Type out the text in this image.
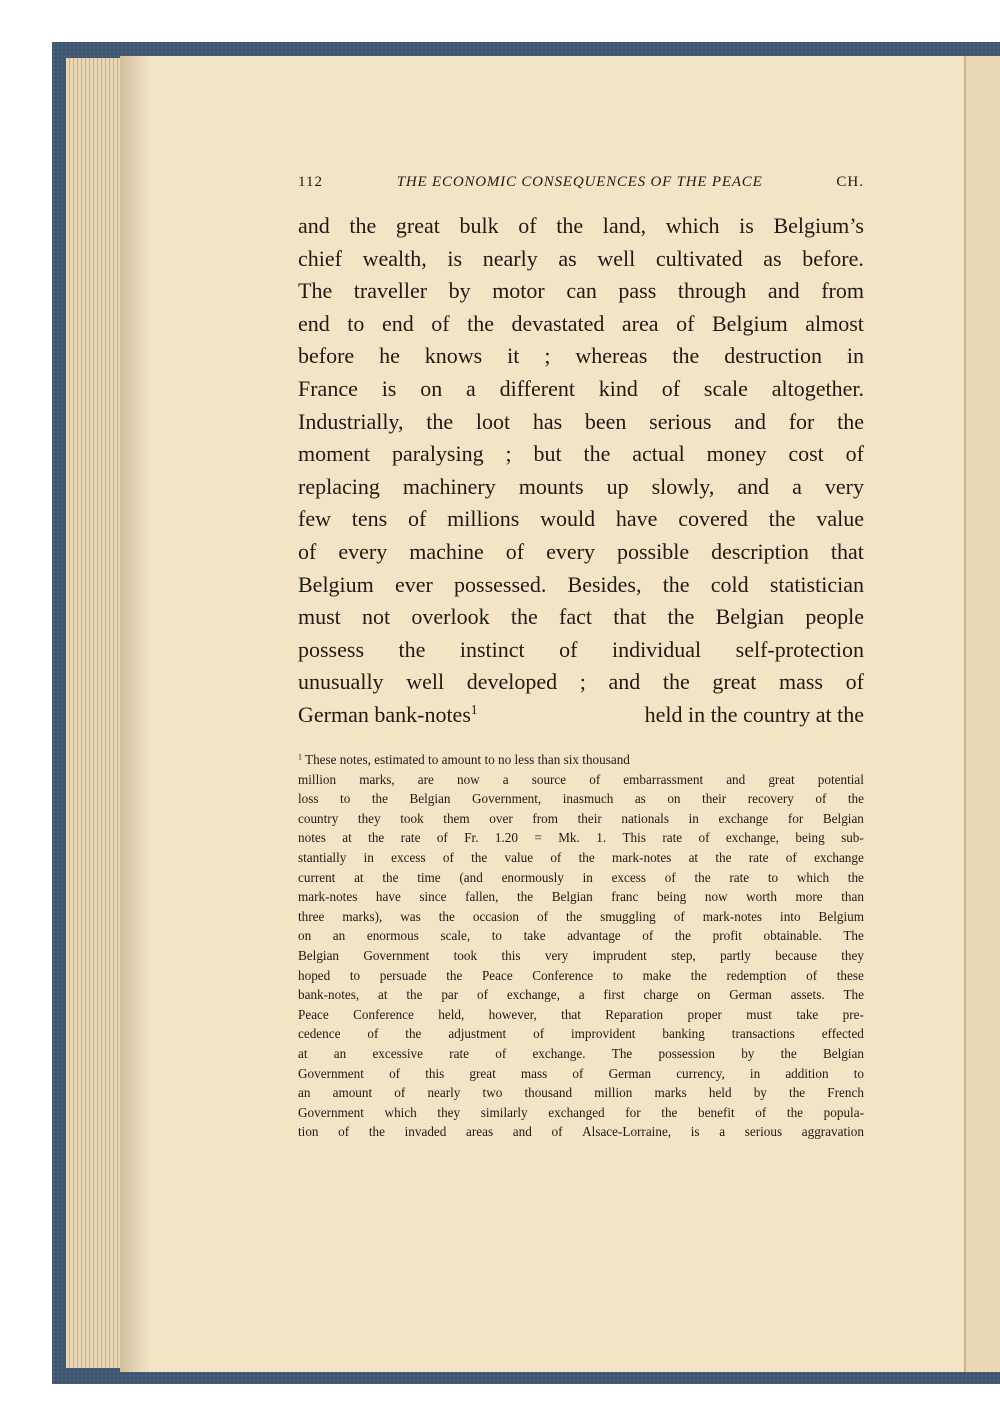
112	THE ECONOMIC CONSEQUENCES OF THE PEACE	CH.
and the great bulk of the land, which is Belgium’s
chief wealth, is nearly as well cultivated as before.
The traveller by motor can pass through and from
end to end of the devastated area of Belgium almost
before he knows it ; whereas the destruction in
France is on a different kind of scale altogether.
Industrially, the loot has been serious and for the
moment paralysing ; but the actual money cost of
replacing machinery mounts up slowly, and a very
few tens of millions would have covered the value
of every machine of every possible description that
Belgium ever possessed. Besides, the cold statistician
must not overlook the fact that the Belgian people
possess the instinct of individual self-protection
unusually well developed ; and the great mass of
German bank-notes$^1$	held in the country at the
$^1$ These notes, estimated to amount to no less than six thousand
million marks, are now a source of embarrassment and great potential
loss to the Belgian Government, inasmuch as on their recovery of the
country they took them over from their nationals in exchange for Belgian
notes at the rate of Fr. 1.20 = Mk. 1. This rate of exchange, being sub-
stantially in excess of the value of the mark-notes at the rate of exchange
current at the time (and enormously in excess of the rate to which the
mark-notes have since fallen, the Belgian franc being now worth more than
three marks), was the occasion of the smuggling of mark-notes into Belgium
on an enormous scale, to take advantage of the profit obtainable. The
Belgian Government took this very imprudent step, partly because they
hoped to persuade the Peace Conference to make the redemption of these
bank-notes, at the par of exchange, a first charge on German assets. The
Peace Conference held, however, that Reparation proper must take pre-
cedence of the adjustment of improvident banking transactions effected
at an excessive rate of exchange. The possession by the Belgian
Government of this great mass of German currency, in addition to
an amount of nearly two thousand million marks held by the French
Government which they similarly exchanged for the benefit of the popula-
tion of the invaded areas and of Alsace-Lorraine, is a serious aggravation
